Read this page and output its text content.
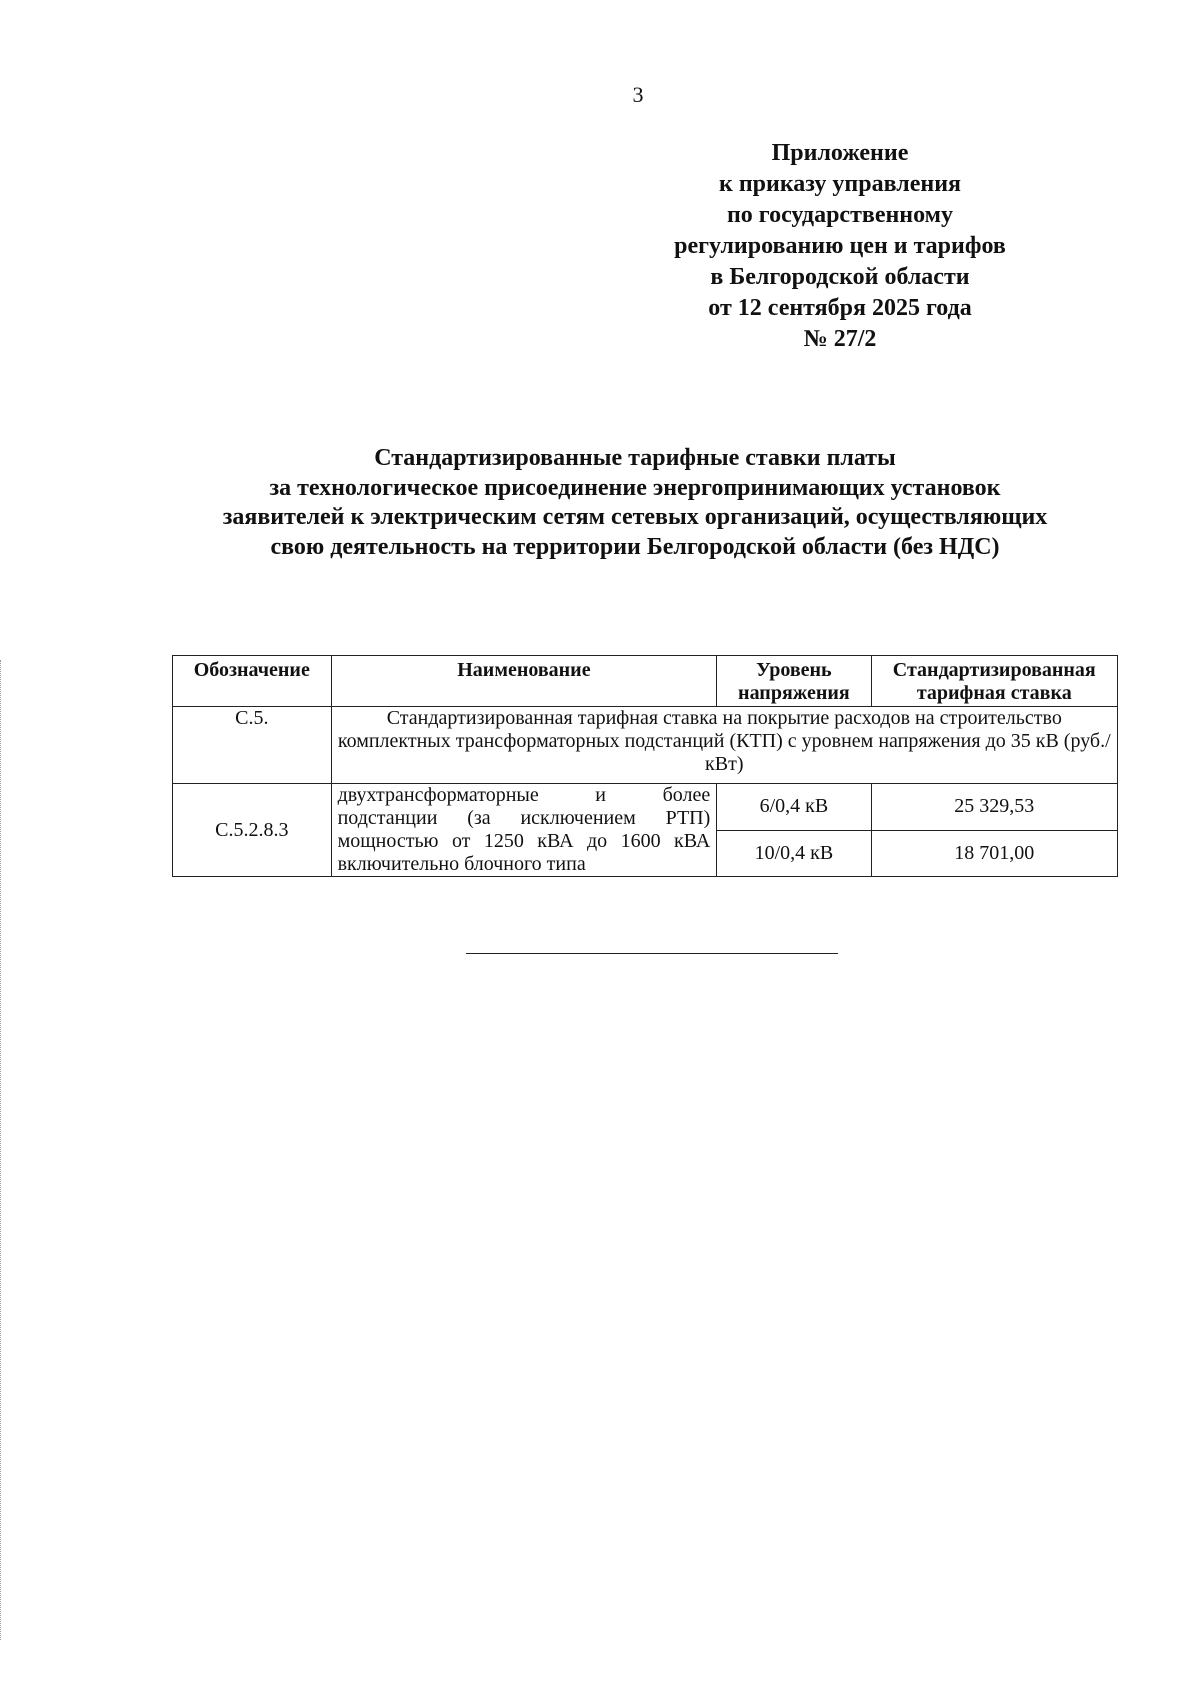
3
Приложение
к приказу управления
по государственному
регулированию цен и тарифов
в Белгородской области
от 12 сентября 2025 года
№ 27/2
Стандартизированные тарифные ставки платы
за технологическое присоединение энергопринимающих установок
заявителей к электрическим сетям сетевых организаций, осуществляющих
свою деятельность на территории Белгородской области (без НДС)
Обозначение	Наименование	Уровень напряжения	Стандартизированная тарифная ставка
С.5.	Стандартизированная тарифная ставка на покрытие расходов на строительство комплектных трансформаторных подстанций (КТП) с уровнем напряжения до 35 кВ (руб./кВт)		
С.5.2.8.3	двухтрансформаторные и более подстанции (за исключением РТП) мощностью от 1250 кВА до 1600 кВА включительно блочного типа	6/0,4 кВ	25 329,53
		10/0,4 кВ	18 701,00
